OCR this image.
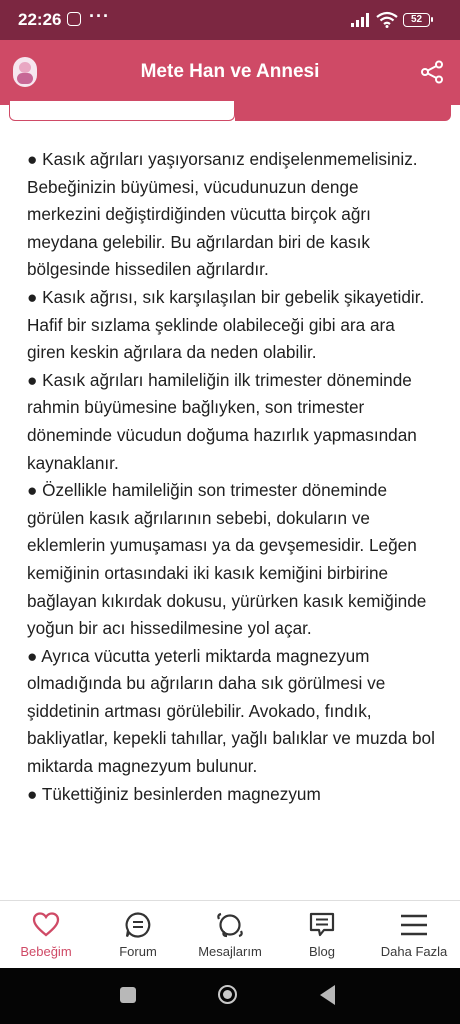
22:26 ···	52
Mete Han ve Annesi

● Kasık ağrıları yaşıyorsanız endişelenmemelisiniz. Bebeğinizin büyümesi, vücudunuzun denge merkezini değiştirdiğinden vücutta birçok ağrı meydana gelebilir. Bu ağrılardan biri de kasık bölgesinde hissedilen ağrılardır.

● Kasık ağrısı, sık karşılaşılan bir gebelik şikayetidir. Hafif bir sızlama şeklinde olabileceği gibi ara ara giren keskin ağrılara da neden olabilir.

● Kasık ağrıları hamileliğin ilk trimester döneminde rahmin büyümesine bağlıyken, son trimester döneminde vücudun doğuma hazırlık yapmasından kaynaklanır.

● Özellikle hamileliğin son trimester döneminde görülen kasık ağrılarının sebebi, dokuların ve eklemlerin yumuşaması ya da gevşemesidir. Leğen kemiğinin ortasındaki iki kasık kemiğini birbirine bağlayan kıkırdak dokusu, yürürken kasık kemiğinde yoğun bir acı hissedilmesine yol açar.

● Ayrıca vücutta yeterli miktarda magnezyum olmadığında bu ağrıların daha sık görülmesi ve şiddetinin artması görülebilir. Avokado, fındık, bakliyatlar, kepekli tahıllar, yağlı balıklar ve muzda bol miktarda magnezyum bulunur.

● Tükettiğiniz besinlerden magnezyum

Bebeğim	Forum	Mesajlarım	Blog	Daha Fazla
